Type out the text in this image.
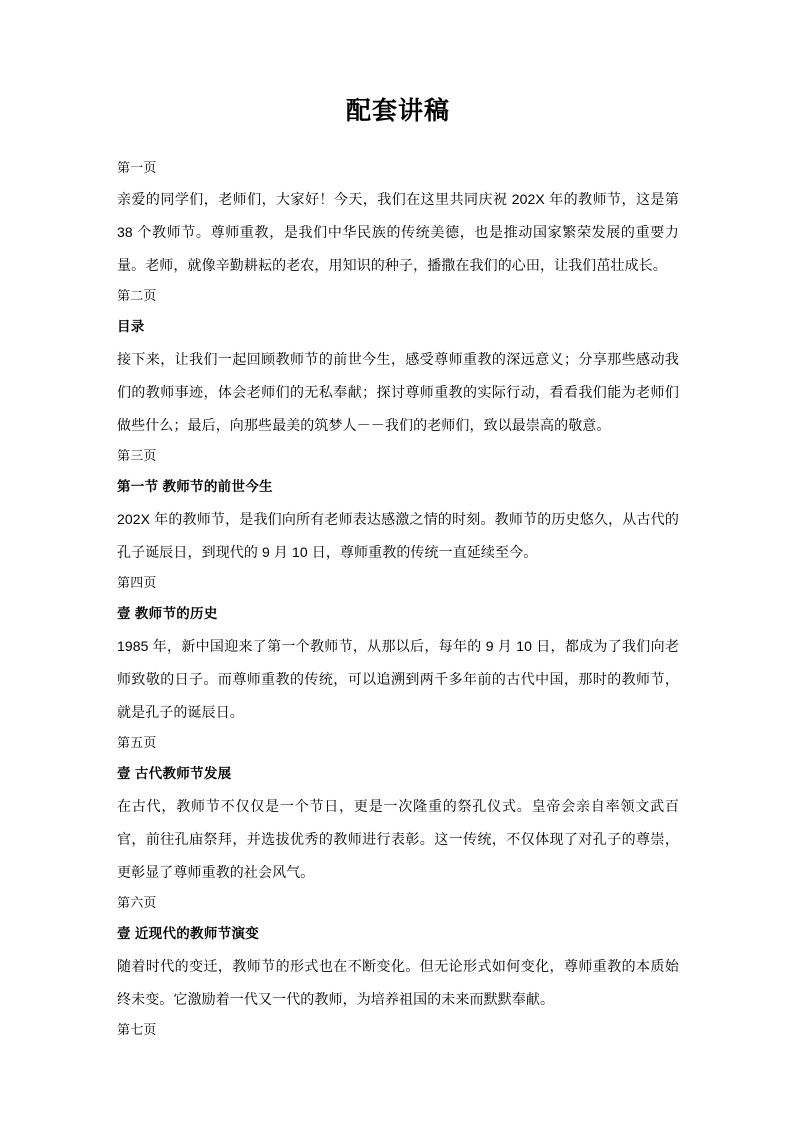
配套讲稿
第一页

亲爱的同学们，老师们，大家好！今天，我们在这里共同庆祝 202X 年的教师节，这是第 38 个教师节。尊师重教，是我们中华民族的传统美德，也是推动国家繁荣发展的重要力量。老师，就像辛勤耕耘的老农，用知识的种子，播撒在我们的心田，让我们茁壮成长。

第二页
目录

接下来，让我们一起回顾教师节的前世今生，感受尊师重教的深远意义；分享那些感动我们的教师事迹，体会老师们的无私奉献；探讨尊师重教的实际行动，看看我们能为老师们做些什么；最后，向那些最美的筑梦人－－我们的老师们，致以最崇高的敬意。

第三页
第一节 教师节的前世今生

202X 年的教师节，是我们向所有老师表达感激之情的时刻。教师节的历史悠久，从古代的孔子诞辰日，到现代的 9 月 10 日，尊师重教的传统一直延续至今。

第四页
壹 教师节的历史

1985 年，新中国迎来了第一个教师节，从那以后，每年的 9 月 10 日，都成为了我们向老师致敬的日子。而尊师重教的传统，可以追溯到两千多年前的古代中国，那时的教师节，就是孔子的诞辰日。

第五页
壹 古代教师节发展

在古代，教师节不仅仅是一个节日，更是一次隆重的祭孔仪式。皇帝会亲自率领文武百官，前往孔庙祭拜，并选拔优秀的教师进行表彰。这一传统，不仅体现了对孔子的尊崇，更彰显了尊师重教的社会风气。

第六页
壹 近现代的教师节演变

随着时代的变迁，教师节的形式也在不断变化。但无论形式如何变化，尊师重教的本质始终未变。它激励着一代又一代的教师，为培养祖国的未来而默默奉献。

第七页
